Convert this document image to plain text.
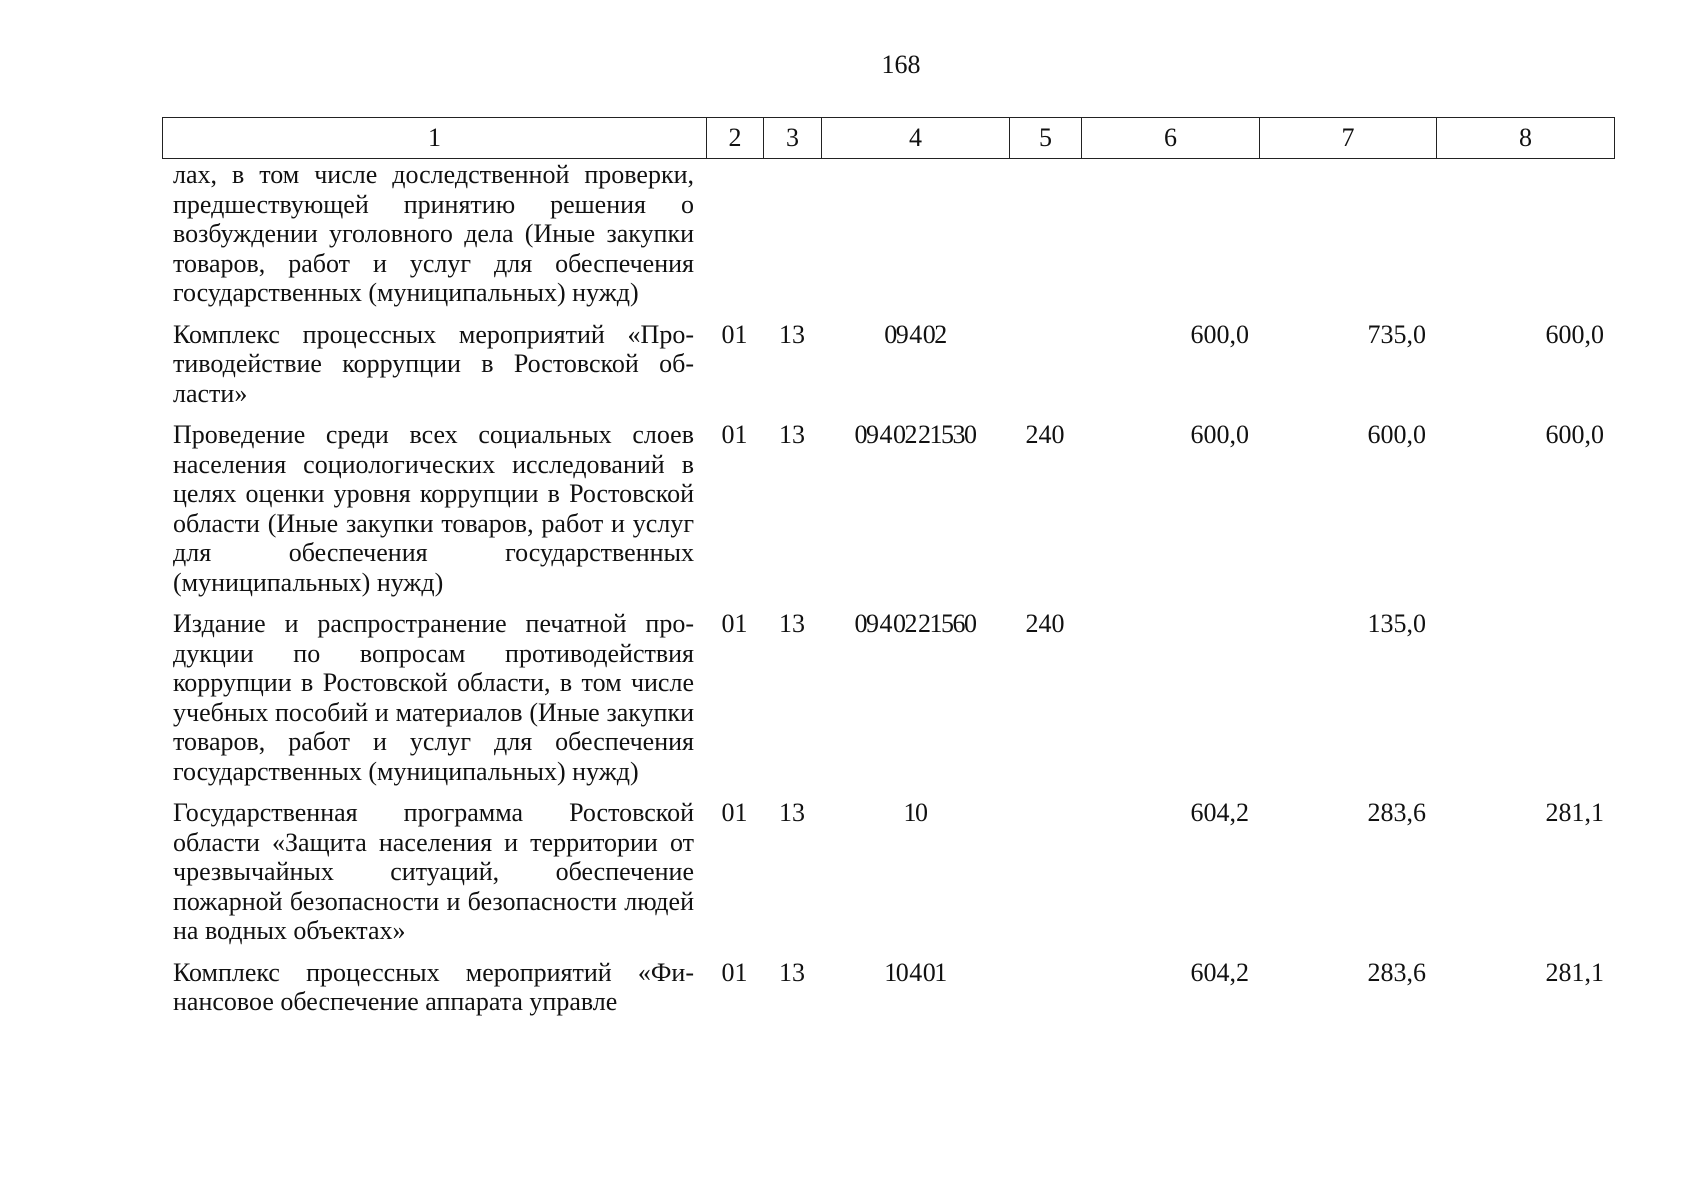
168
1	2	3	4	5	6	7	8
лах, в том числе доследственной проверки, предшествующей принятию решения о возбуждении уголовного дела (Иные закупки товаров, работ и услуг для обеспечения государственных (муниципальных) нужд)							
Комплекс процессных мероприятий «Противодействие коррупции в Ростовской области»	01	13	09 4 02		600,0	735,0	600,0
Проведение среди всех социальных слоев населения социологических исследований в целях оценки уровня коррупции в Ростовской области (Иные закупки товаров, работ и услуг для обеспечения государственных (муниципальных) нужд)	01	13	09 4 02 21530	240	600,0	600,0	600,0
Издание и распространение печатной продукции по вопросам противодействия коррупции в Ростовской области, в том числе учебных пособий и материалов (Иные закупки товаров, работ и услуг для обеспечения государственных (муниципальных) нужд)	01	13	09 4 02 21560	240		135,0	
Государственная программа Ростовской области «Защита населения и территории от чрезвычайных ситуаций, обеспечение пожарной безопасности и безопасности людей на водных объектах»	01	13	10		604,2	283,6	281,1
Комплекс процессных мероприятий «Финансовое обеспечение аппарата управле	01	13	10 4 01		604,2	283,6	281,1
